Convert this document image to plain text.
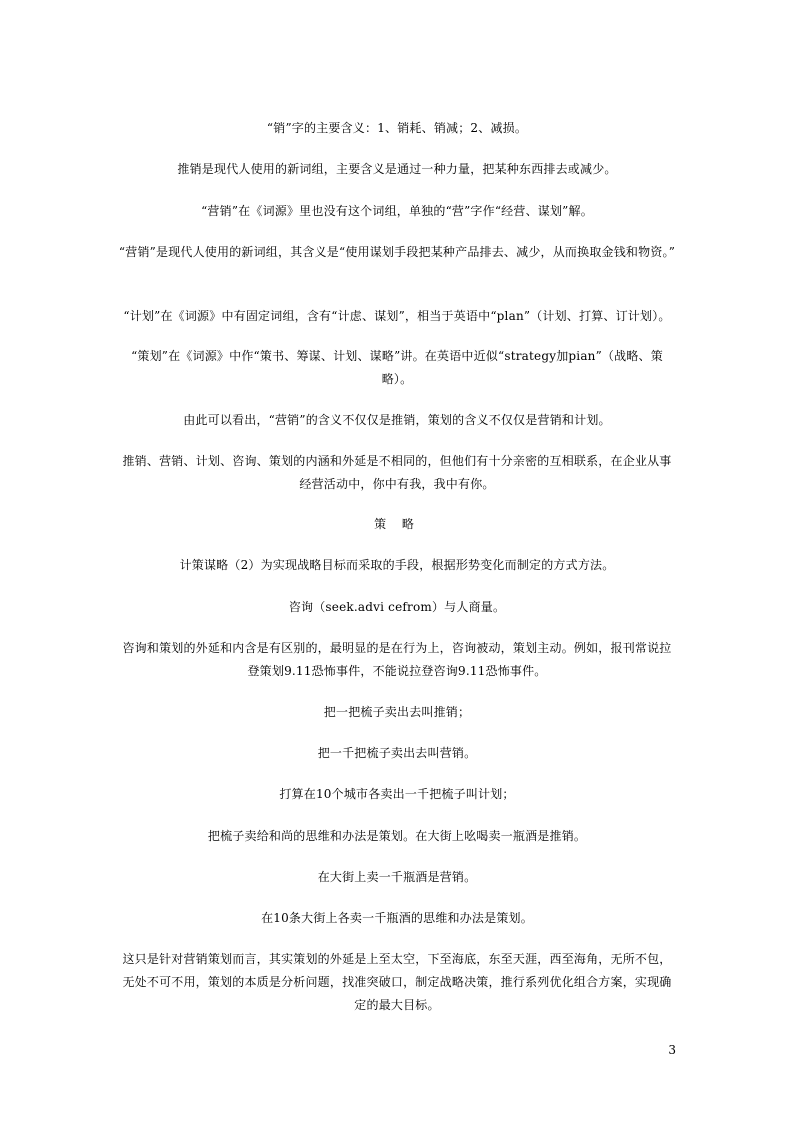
“销”字的主要含义：1、销耗、销减；2、减损。

推销是现代人使用的新词组，主要含义是通过一种力量，把某种东西排去或减少。

“营销”在《词源》里也没有这个词组，单独的“营”字作“经营、谋划”解。

“营销”是现代人使用的新词组，其含义是“使用谋划手段把某种产品排去、减少，从而换取金钱和物资。”

“计划”在《词源》中有固定词组，含有“计虑、谋划”，相当于英语中“plan”（计划、打算、订计划）。

“策划”在《词源》中作“策书、筹谋、计划、谋略”讲。在英语中近似“strategy加pian”（战略、策略）。

由此可以看出，“营销”的含义不仅仅是推销，策划的含义不仅仅是营销和计划。

推销、营销、计划、咨询、策划的内涵和外延是不相同的，但他们有十分亲密的互相联系，在企业从事经营活动中，你中有我，我中有你。

策 略

计策谋略（2）为实现战略目标而采取的手段，根据形势变化而制定的方式方法。

咨询（seek.advi cefrom）与人商量。

咨询和策划的外延和内含是有区别的，最明显的是在行为上，咨询被动，策划主动。例如，报刊常说拉登策划9.11恐怖事件，不能说拉登咨询9.11恐怖事件。

把一把梳子卖出去叫推销；

把一千把梳子卖出去叫营销。

打算在10个城市各卖出一千把梳子叫计划；

把梳子卖给和尚的思维和办法是策划。在大街上吆喝卖一瓶酒是推销。

在大街上卖一千瓶酒是营销。

在10条大街上各卖一千瓶酒的思维和办法是策划。

这只是针对营销策划而言，其实策划的外延是上至太空，下至海底，东至天涯，西至海角，无所不包，无处不可不用，策划的本质是分析问题，找准突破口，制定战略决策，推行系列优化组合方案，实现确定的最大目标。

3
